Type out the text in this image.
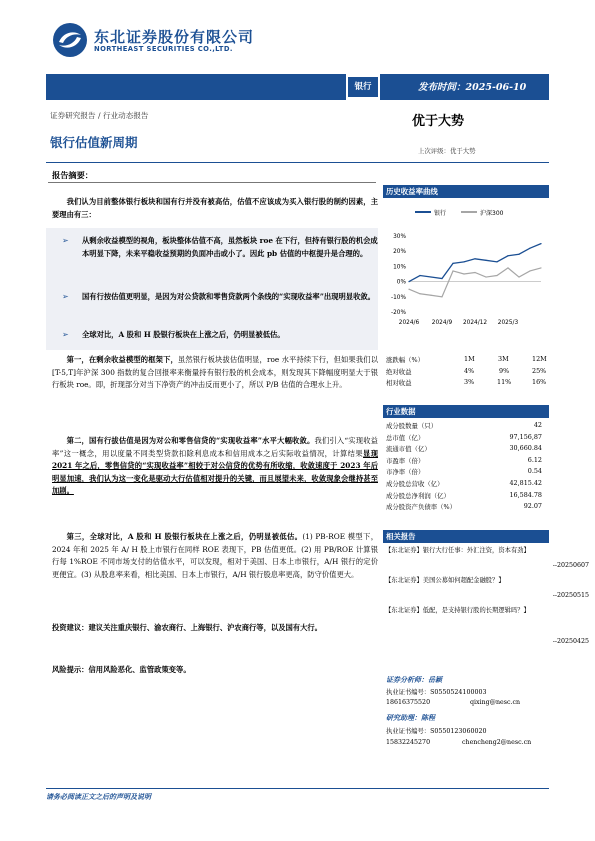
东北证券股份有限公司
NORTHEAST SECURITIES CO.,LTD.
银行	发布时间：2025-06-10
证券研究报告 / 行业动态报告	优于大势
银行估值新周期
上次评级：优于大势
报告摘要：
我们认为目前整体银行板块和国有行并没有被高估，估值不应该成为买入银行股的制约因素，主要理由有三：
➢ 从剩余收益模型的视角，板块整体估值不高，虽然板块 roe 在下行，但持有银行股的机会成本明显下降，未来平稳收益预期的负面冲击或小了。因此 pb 估值的中枢提升是合理的。
➢ 国有行按估值更明显，是因为对公贷款和零售贷款两个条线的“实现收益率”出现明显收敛。
➢ 全球对比，A 股和 H 股银行板块在上涨之后，仍明显被低估。
第一，在剩余收益模型的框架下，虽然银行板块拔估值明显，roe 水平持续下行，但如果我们以[T-5,T]年沪深 300 指数的复合回报率来衡量持有银行股的机会成本，则发现其下降幅度明显大于银行板块 roe。即，折现部分对当下净资产的冲击反而更小了，所以 P/B 估值的合理水上升。
第二，国有行拔估值是因为对公和零售信贷的“实现收益率”水平大幅收敛。我们引入“实现收益率”这一概念，用以度量不同类型贷款扣除利息成本和信用成本之后实际收益情况，计算结果显现 2021 年之后，零售信贷的“实现收益率”相较于对公信贷的优势有所收缩，收敛速度于 2023 年后明显加速，我们认为这一变化是驱动大行估值相对提升的关键，而且展望未来，收敛现象会继持甚至加剧。
第三，全球对比，A 股和 H 股银行板块在上涨之后，仍明显被低估。(1) PB-ROE 模型下，2024 年和 2025 年 A/ H 股上市银行在同样 ROE 表现下，PB 估值更低。(2) 用 PB/ROE 计算银行每 1%ROE 不同市场支付的估值水平，可以发现，相对于美国、日本上市银行，A/H 银行的定价更便宜。(3) 从股息率来看，相比美国、日本上市银行，A/H 银行股息率更高，防守价值更大。
投资建议：建议关注重庆银行、渝农商行、上海银行、沪农商行等，以及国有大行。
风险提示：信用风险恶化、监管政策变等。
历史收益率曲线
银行	沪深300
30%
20%
10%
0%
-10%
-20%
2024/6 2024/9 2024/12 2025/3
涨跌幅（%）	1M	3M	12M
绝对收益	4%	9%	25%
相对收益	3%	11%	16%
行业数据
成分股数量（只）	42
总市值（亿）	97,156,87
流通市值（亿）	30,660.84
市盈率（倍）	6.12
市净率（倍）	0.54
成分股总营收（亿）	42,815.42
成分股总净利润（亿）	16,584.78
成分股资产负债率（%）	92.07
相关报告
【东北证券】银行大行任事：外汇注资，资本有劲】
--20250607
【东北证券】美国公募如何超配金融股？】
--20250515
【东北证券】低配，是支持银行股的长期逻辑吗？】
--20250425
证券分析师：岳颖
执业证书编号：S0550524100003
18616375520	qixing@nesc.cn
研究助理：陈程
执业证书编号：S0550123060020
15832245270	chencheng2@nesc.cn
请务必阅读正文之后的声明及说明
